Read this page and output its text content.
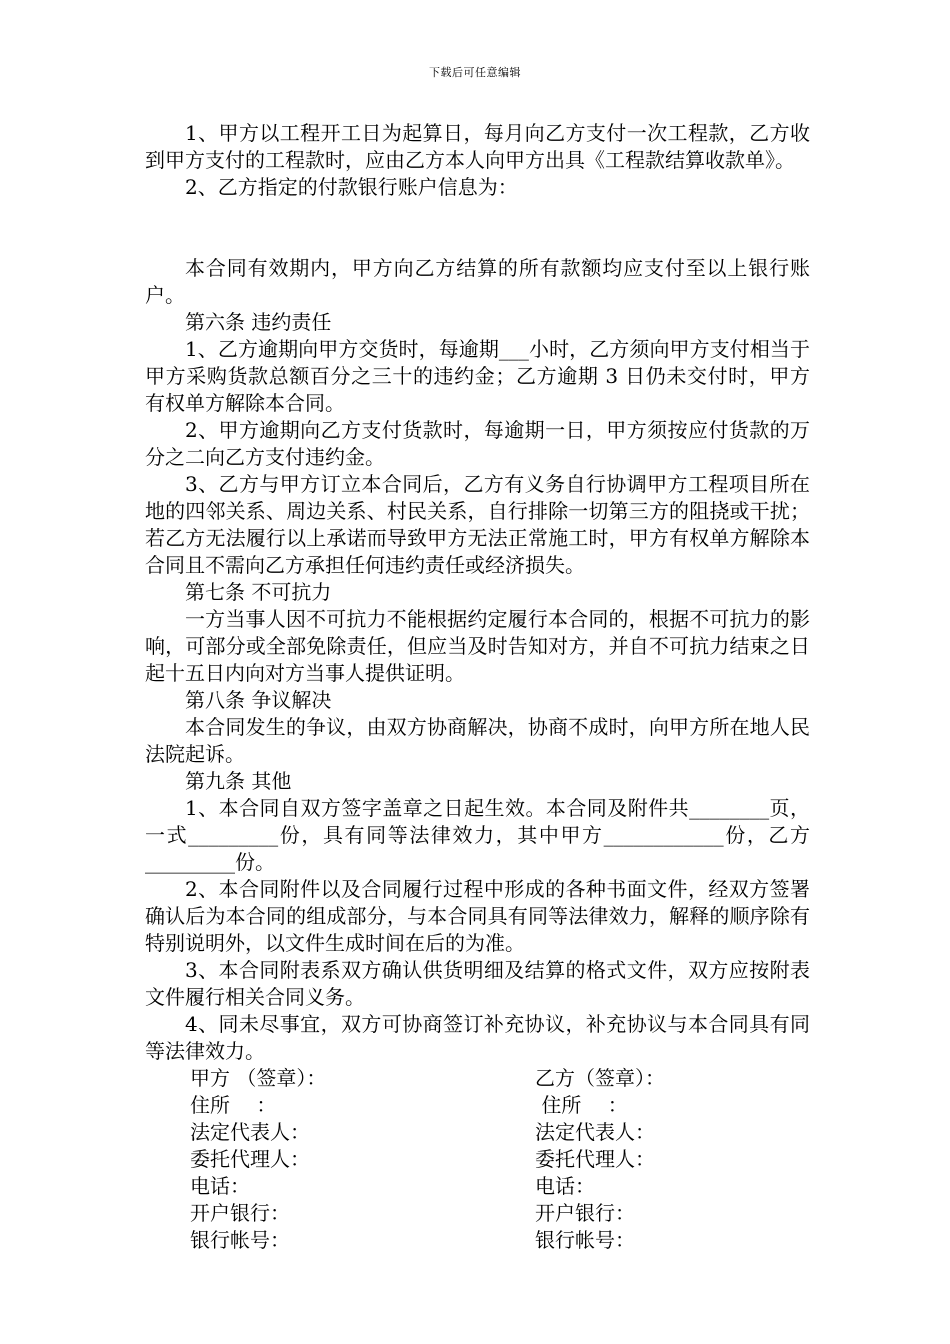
下载后可任意编辑

1、甲方以工程开工日为起算日，每月向乙方支付一次工程款，乙方收到甲方支付的工程款时，应由乙方本人向甲方出具《工程款结算收款单》。

2、乙方指定的付款银行账户信息为：

本合同有效期内，甲方向乙方结算的所有款额均应支付至以上银行账户。

第六条 违约责任

1、乙方逾期向甲方交货时，每逾期___小时，乙方须向甲方支付相当于甲方采购货款总额百分之三十的违约金；乙方逾期 3 日仍未交付时，甲方有权单方解除本合同。

2、甲方逾期向乙方支付货款时，每逾期一日，甲方须按应付货款的万分之二向乙方支付违约金。

3、乙方与甲方订立本合同后，乙方有义务自行协调甲方工程项目所在地的四邻关系、周边关系、村民关系，自行排除一切第三方的阻挠或干扰；若乙方无法履行以上承诺而导致甲方无法正常施工时，甲方有权单方解除本合同且不需向乙方承担任何违约责任或经济损失。

第七条 不可抗力

一方当事人因不可抗力不能根据约定履行本合同的，根据不可抗力的影响，可部分或全部免除责任，但应当及时告知对方，并自不可抗力结束之日起十五日内向对方当事人提供证明。

第八条 争议解决

本合同发生的争议，由双方协商解决，协商不成时，向甲方所在地人民法院起诉。

第九条 其他

1、本合同自双方签字盖章之日起生效。本合同及附件共________页，一式_________份，具有同等法律效力，其中甲方____________份，乙方_________份。

2、本合同附件以及合同履行过程中形成的各种书面文件，经双方签署确认后为本合同的组成部分，与本合同具有同等法律效力，解释的顺序除有特别说明外，以文件生成时间在后的为准。

3、本合同附表系双方确认供货明细及结算的格式文件，双方应按附表文件履行相关合同义务。

4、同未尽事宜，双方可协商签订补充协议，补充协议与本合同具有同等法律效力。

甲方 （签章）：	乙方（签章）：
住所　 ：	住所　 ：
法定代表人：	法定代表人：
委托代理人：	委托代理人：
电话：	电话：
开户银行：	开户银行：
银行帐号：	银行帐号：
